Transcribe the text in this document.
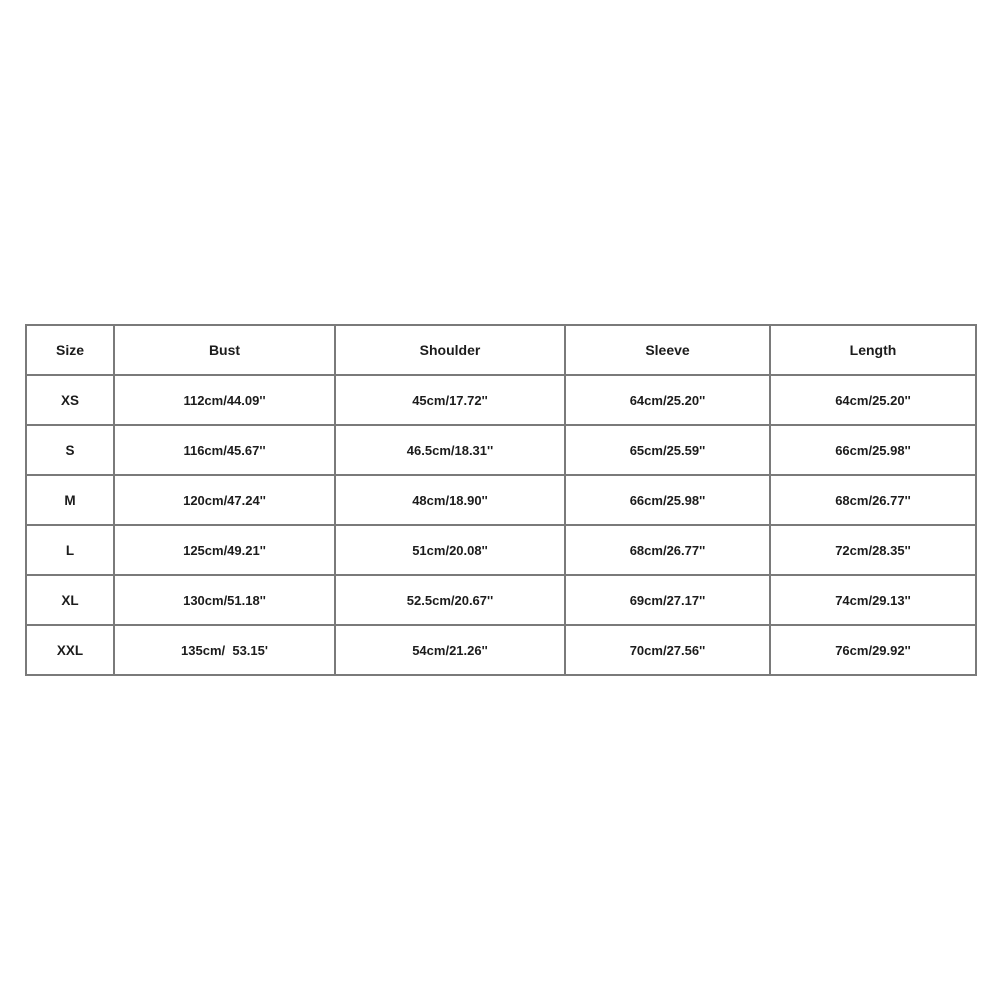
Size	Bust	Shoulder	Sleeve	Length
XS	112cm/44.09''	45cm/17.72''	64cm/25.20''	64cm/25.20''
S	116cm/45.67''	46.5cm/18.31''	65cm/25.59''	66cm/25.98''
M	120cm/47.24''	48cm/18.90''	66cm/25.98''	68cm/26.77''
L	125cm/49.21''	51cm/20.08''	68cm/26.77''	72cm/28.35''
XL	130cm/51.18''	52.5cm/20.67''	69cm/27.17''	74cm/29.13''
XXL	135cm/  53.15'	54cm/21.26''	70cm/27.56''	76cm/29.92''
